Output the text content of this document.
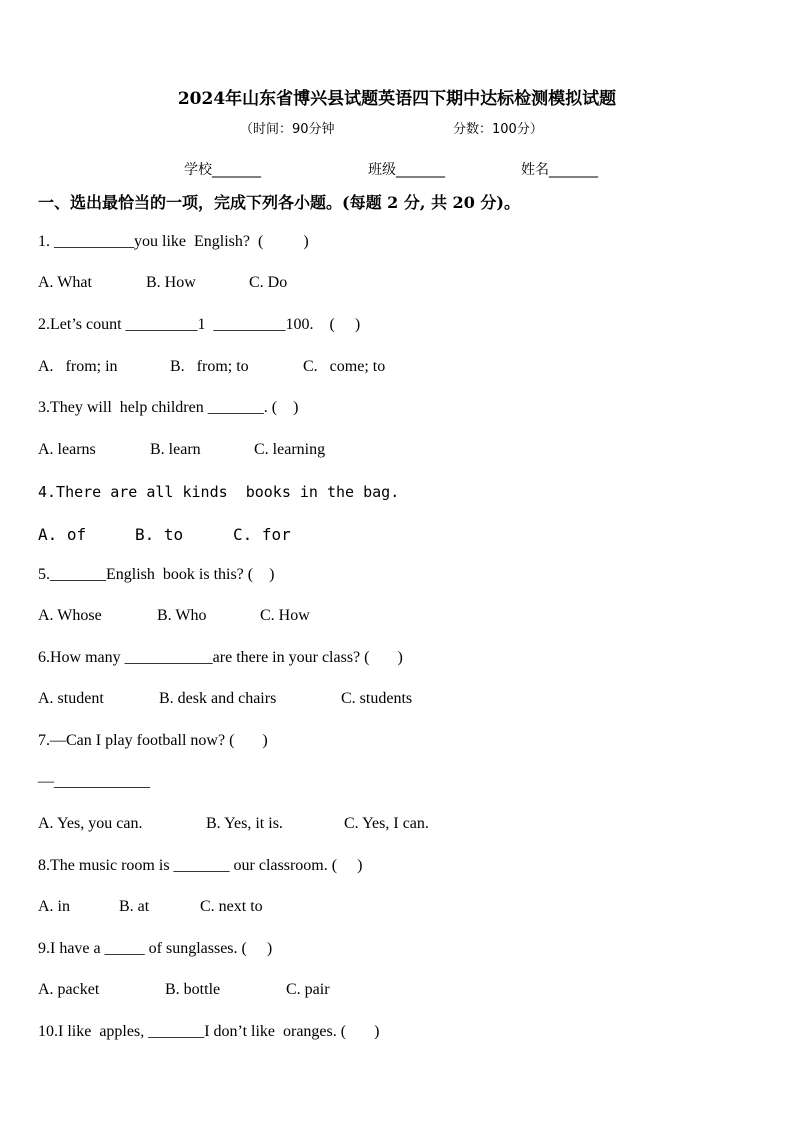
2024年山东省博兴县试题英语四下期中达标检测模拟试题
（时间：90分钟	分数：100分）
学校_______	班级_______	姓名_______
一、选出最恰当的一项，完成下列各小题。(每题 2 分, 共 20 分)。
1. __________you like  English?  (          )
A. What	B. How	C. Do
2.Let’s count _________1  _________100.    (     )
A.   from; in	B.   from; to	C.   come; to
3.They will  help children _______. (    )
A. learns	B. learn	C. learning
4.There are all kinds  books in the bag.
A. of	B. to	C. for
5._______English  book is this? (    )
A. Whose	B. Who	C. How
6.How many ___________are there in your class? (       )
A. student	B. desk and chairs	C. students
7.—Can I play football now? (       )
—____________
A. Yes, you can.	B. Yes, it is.	C. Yes, I can.
8.The music room is _______ our classroom. (     )
A. in	B. at	C. next to
9.I have a _____ of sunglasses. (     )
A. packet	B. bottle	C. pair
10.I like  apples, _______I don’t like  oranges. (       )
